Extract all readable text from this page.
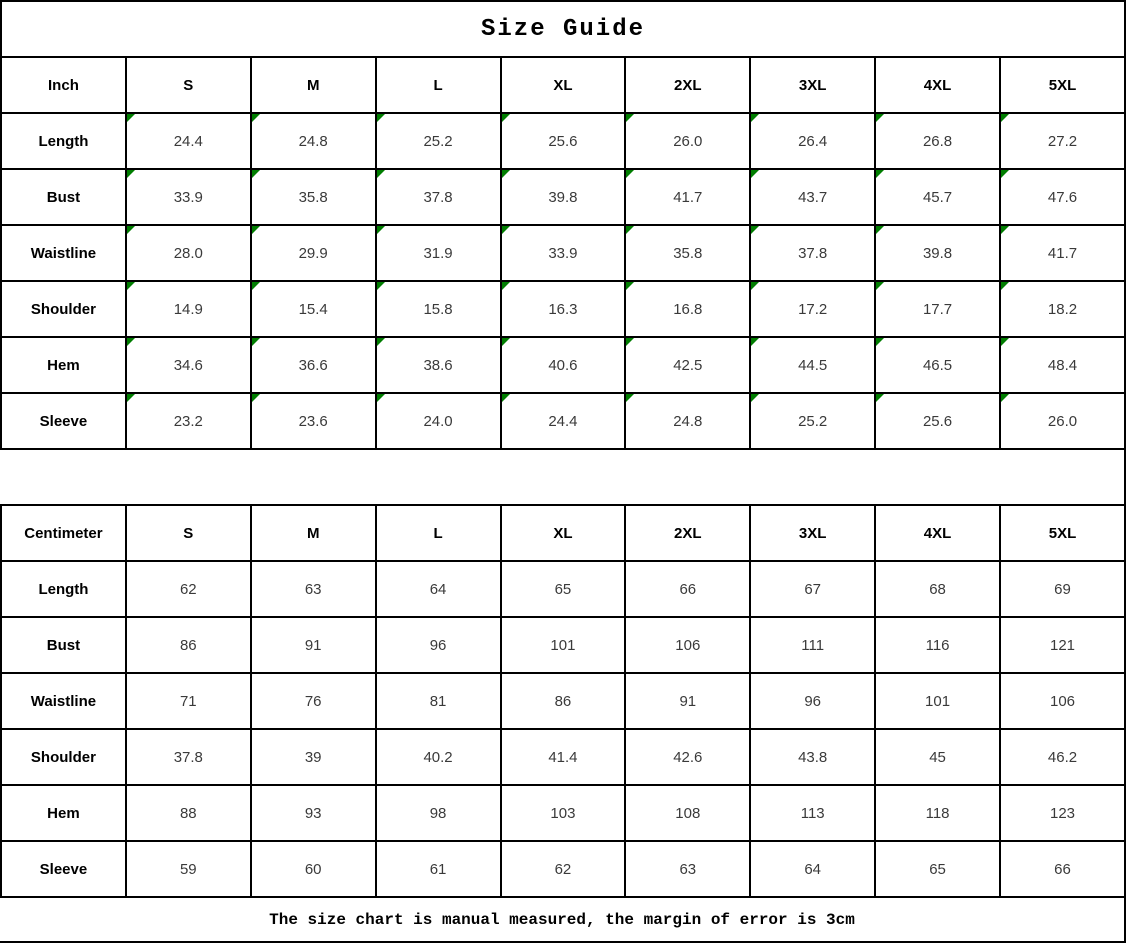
Size Guide
Inch	S	M	L	XL	2XL	3XL	4XL	5XL
Length	24.4	24.8	25.2	25.6	26.0	26.4	26.8	27.2

Bust	33.9	35.8	37.8	39.8	41.7	43.7	45.7	47.6

Waistline	28.0	29.9	31.9	33.9	35.8	37.8	39.8	41.7

Shoulder	14.9	15.4	15.8	16.3	16.8	17.2	17.7	18.2

Hem	34.6	36.6	38.6	40.6	42.5	44.5	46.5	48.4

Sleeve	23.2	23.6	24.0	24.4	24.8	25.2	25.6	26.0
Centimeter	S	M	L	XL	2XL	3XL	4XL	5XL
Length	62	63	64	65	66	67	68	69
Bust	86	91	96	101	106	111	116	121
Waistline	71	76	81	86	91	96	101	106
Shoulder	37.8	39	40.2	41.4	42.6	43.8	45	46.2
Hem	88	93	98	103	108	113	118	123
Sleeve	59	60	61	62	63	64	65	66
The size chart is manual measured, the margin of error is 3cm
